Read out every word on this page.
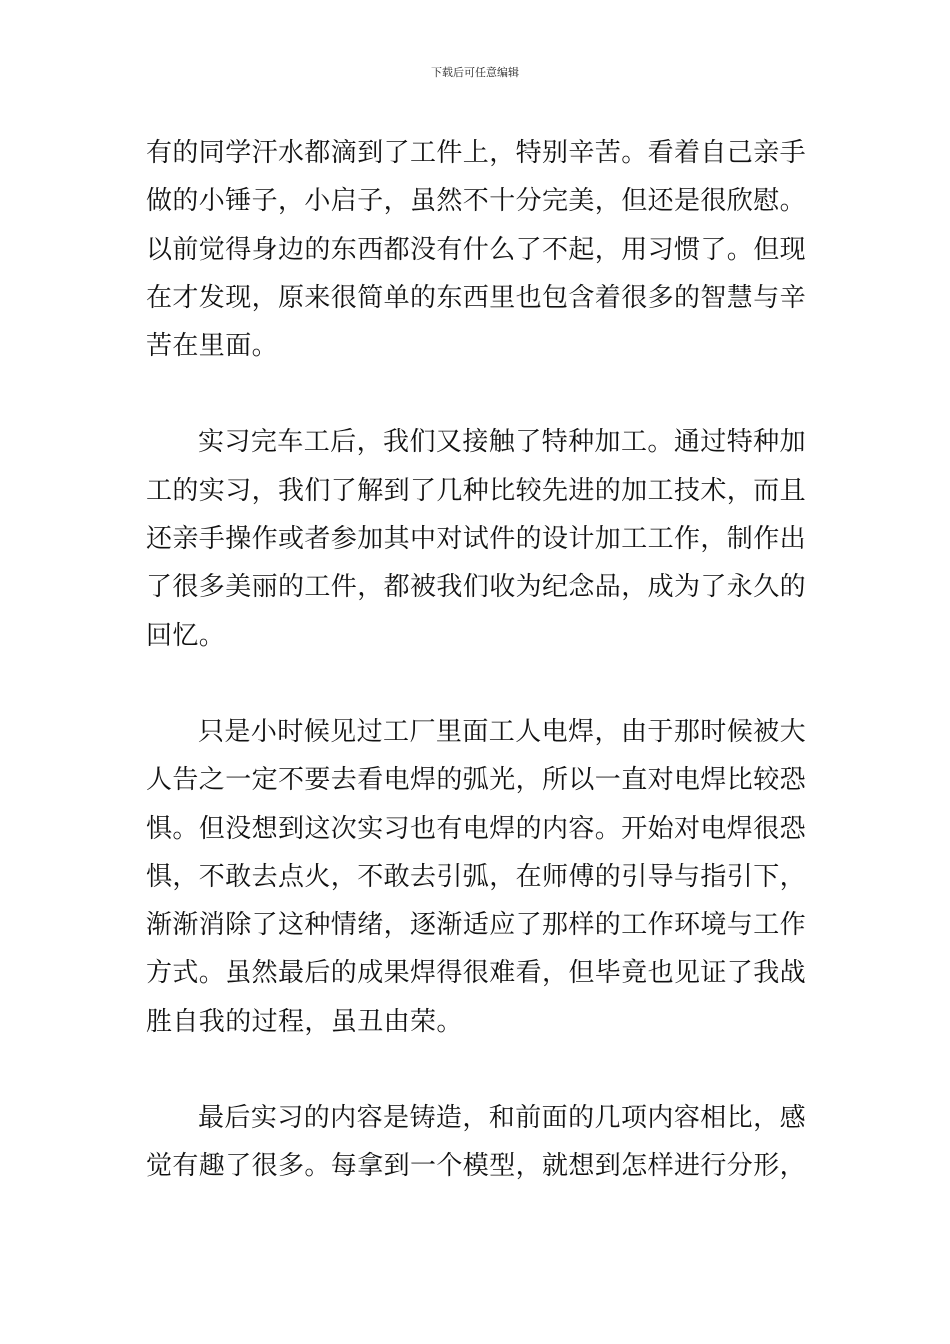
下载后可任意编辑

有的同学汗水都滴到了工件上，特别辛苦。看着自己亲手做的小锤子，小启子，虽然不十分完美，但还是很欣慰。以前觉得身边的东西都没有什么了不起，用习惯了。但现在才发现，原来很简单的东西里也包含着很多的智慧与辛苦在里面。

实习完车工后，我们又接触了特种加工。通过特种加工的实习，我们了解到了几种比较先进的加工技术，而且还亲手操作或者参加其中对试件的设计加工工作，制作出了很多美丽的工件，都被我们收为纪念品，成为了永久的回忆。

只是小时候见过工厂里面工人电焊，由于那时候被大人告之一定不要去看电焊的弧光，所以一直对电焊比较恐惧。但没想到这次实习也有电焊的内容。开始对电焊很恐惧，不敢去点火，不敢去引弧，在师傅的引导与指引下，渐渐消除了这种情绪，逐渐适应了那样的工作环境与工作方式。虽然最后的成果焊得很难看，但毕竟也见证了我战胜自我的过程，虽丑由荣。

最后实习的内容是铸造，和前面的几项内容相比，感觉有趣了很多。每拿到一个模型，就想到怎样进行分形，
